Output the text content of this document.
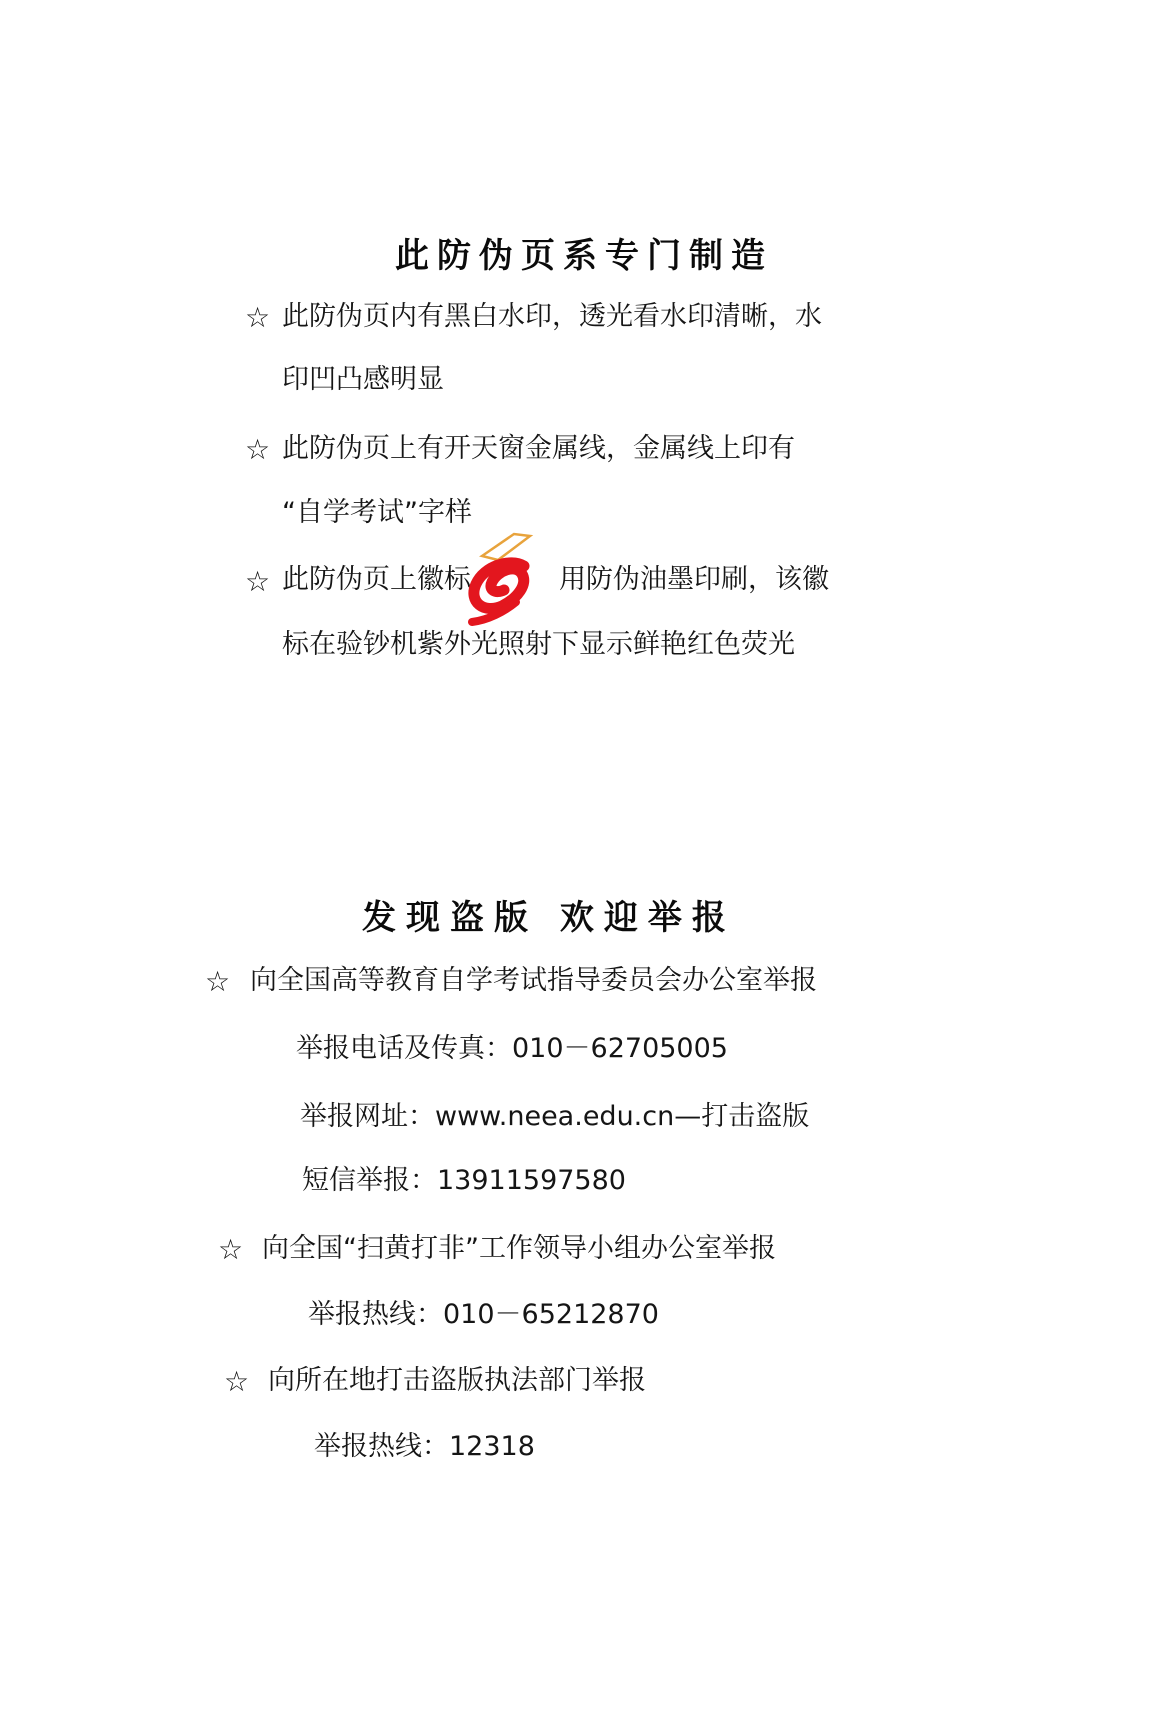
此防伪页系专门制造
☆ 此防伪页内有黑白水印，透光看水印清晰，水
印凹凸感明显
☆ 此防伪页上有开天窗金属线，金属线上印有
“自学考试”字样
☆ 此防伪页上徽标	用防伪油墨印刷，该徽
标在验钞机紫外光照射下显示鲜艳红色荧光
发现盗版 欢迎举报
☆ 向全国高等教育自学考试指导委员会办公室举报
举报电话及传真：010－62705005
举报网址：www.neea.edu.cn—打击盗版
短信举报：13911597580
☆ 向全国“扫黄打非”工作领导小组办公室举报
举报热线：010－65212870
☆ 向所在地打击盗版执法部门举报
举报热线：12318
